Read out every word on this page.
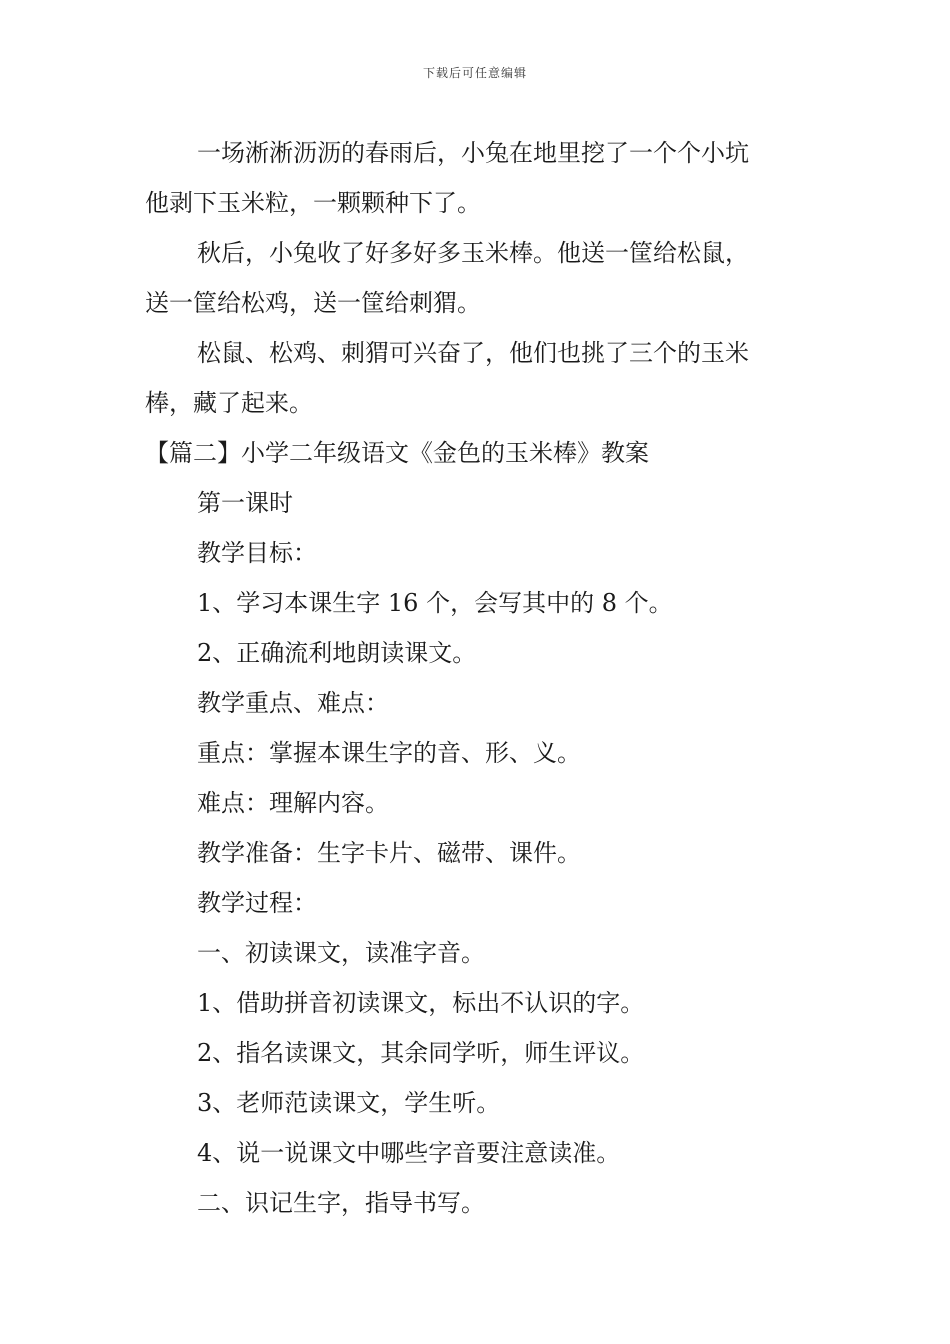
下载后可任意编辑
一场淅淅沥沥的春雨后，小兔在地里挖了一个个小坑
他剥下玉米粒，一颗颗种下了。
秋后，小兔收了好多好多玉米棒。他送一筐给松鼠，
送一筐给松鸡，送一筐给刺猬。
松鼠、松鸡、刺猬可兴奋了，他们也挑了三个的玉米
棒，藏了起来。
【篇二】小学二年级语文《金色的玉米棒》教案
第一课时
教学目标：
1、学习本课生字 16 个，会写其中的 8 个。
2、正确流利地朗读课文。
教学重点、难点：
重点：掌握本课生字的音、形、义。
难点：理解内容。
教学准备：生字卡片、磁带、课件。
教学过程：
一、初读课文，读准字音。
1、借助拼音初读课文，标出不认识的字。
2、指名读课文，其余同学听，师生评议。
3、老师范读课文，学生听。
4、说一说课文中哪些字音要注意读准。
二、识记生字，指导书写。
